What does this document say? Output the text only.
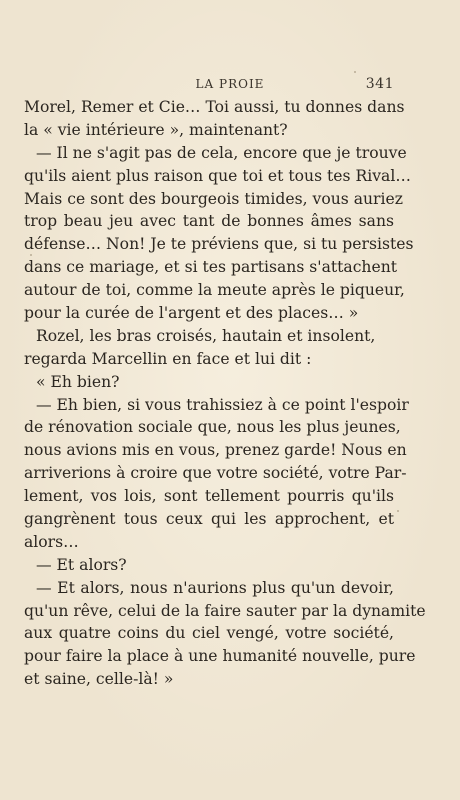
LA PROIE	341
Morel, Remer et Cie… Toi aussi, tu donnes dans
la « vie intérieure », maintenant?
— Il ne s'agit pas de cela, encore que je trouve
qu'ils aient plus raison que toi et tous tes Rival…
Mais ce sont des bourgeois timides, vous auriez
trop beau jeu avec tant de bonnes âmes sans
défense… Non! Je te préviens que, si tu persistes
dans ce mariage, et si tes partisans s'attachent
autour de toi, comme la meute après le piqueur,
pour la curée de l'argent et des places… »
Rozel, les bras croisés, hautain et insolent,
regarda Marcellin en face et lui dit :
« Eh bien?
— Eh bien, si vous trahissiez à ce point l'espoir
de rénovation sociale que, nous les plus jeunes,
nous avions mis en vous, prenez garde! Nous en
arriverions à croire que votre société, votre Par-
lement, vos lois, sont tellement pourris qu'ils
gangrènent tous ceux qui les approchent, et
alors…
— Et alors?
— Et alors, nous n'aurions plus qu'un devoir,
qu'un rêve, celui de la faire sauter par la dynamite
aux quatre coins du ciel vengé, votre société,
pour faire la place à une humanité nouvelle, pure
et saine, celle-là! »
